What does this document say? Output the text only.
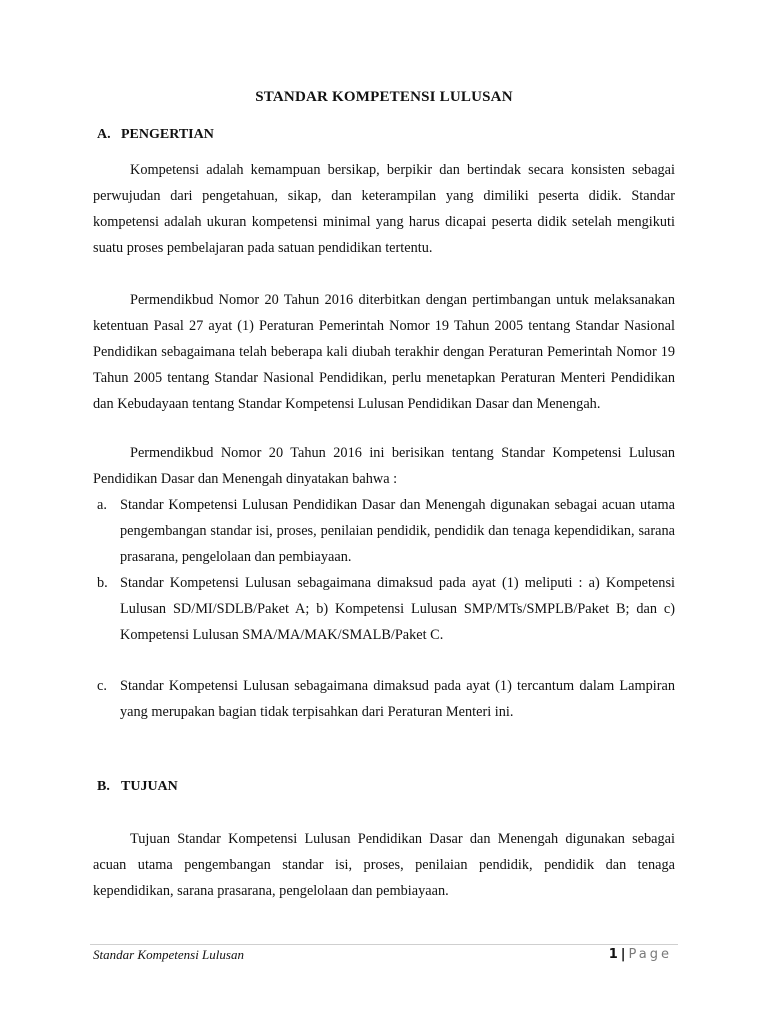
STANDAR KOMPETENSI LULUSAN
A. PENGERTIAN

Kompetensi adalah kemampuan bersikap, berpikir dan bertindak secara konsisten sebagai perwujudan dari pengetahuan, sikap, dan keterampilan yang dimiliki peserta didik. Standar kompetensi adalah ukuran kompetensi minimal yang harus dicapai peserta didik setelah mengikuti suatu proses pembelajaran pada satuan pendidikan tertentu.

Permendikbud Nomor 20 Tahun 2016 diterbitkan dengan pertimbangan untuk melaksanakan ketentuan Pasal 27 ayat (1) Peraturan Pemerintah Nomor 19 Tahun 2005 tentang Standar Nasional Pendidikan sebagaimana telah beberapa kali diubah terakhir dengan Peraturan Pemerintah Nomor 19 Tahun 2005 tentang Standar Nasional Pendidikan, perlu menetapkan Peraturan Menteri Pendidikan dan Kebudayaan tentang Standar Kompetensi Lulusan Pendidikan Dasar dan Menengah.

Permendikbud Nomor 20 Tahun 2016 ini berisikan tentang Standar Kompetensi Lulusan Pendidikan Dasar dan Menengah dinyatakan bahwa :

a. Standar Kompetensi Lulusan Pendidikan Dasar dan Menengah digunakan sebagai acuan utama pengembangan standar isi, proses, penilaian pendidik, pendidik dan tenaga kependidikan, sarana prasarana, pengelolaan dan pembiayaan.
b. Standar Kompetensi Lulusan sebagaimana dimaksud pada ayat (1) meliputi : a) Kompetensi Lulusan SD/MI/SDLB/Paket A; b) Kompetensi Lulusan SMP/MTs/SMPLB/Paket B; dan c) Kompetensi Lulusan SMA/MA/MAK/SMALB/Paket C.
c. Standar Kompetensi Lulusan sebagaimana dimaksud pada ayat (1) tercantum dalam Lampiran yang merupakan bagian tidak terpisahkan dari Peraturan Menteri ini.
B. TUJUAN

Tujuan Standar Kompetensi Lulusan Pendidikan Dasar dan Menengah digunakan sebagai acuan utama pengembangan standar isi, proses, penilaian pendidik, pendidik dan tenaga kependidikan, sarana prasarana, pengelolaan dan pembiayaan.

Standar Kompetensi Lulusan	1 | Page
